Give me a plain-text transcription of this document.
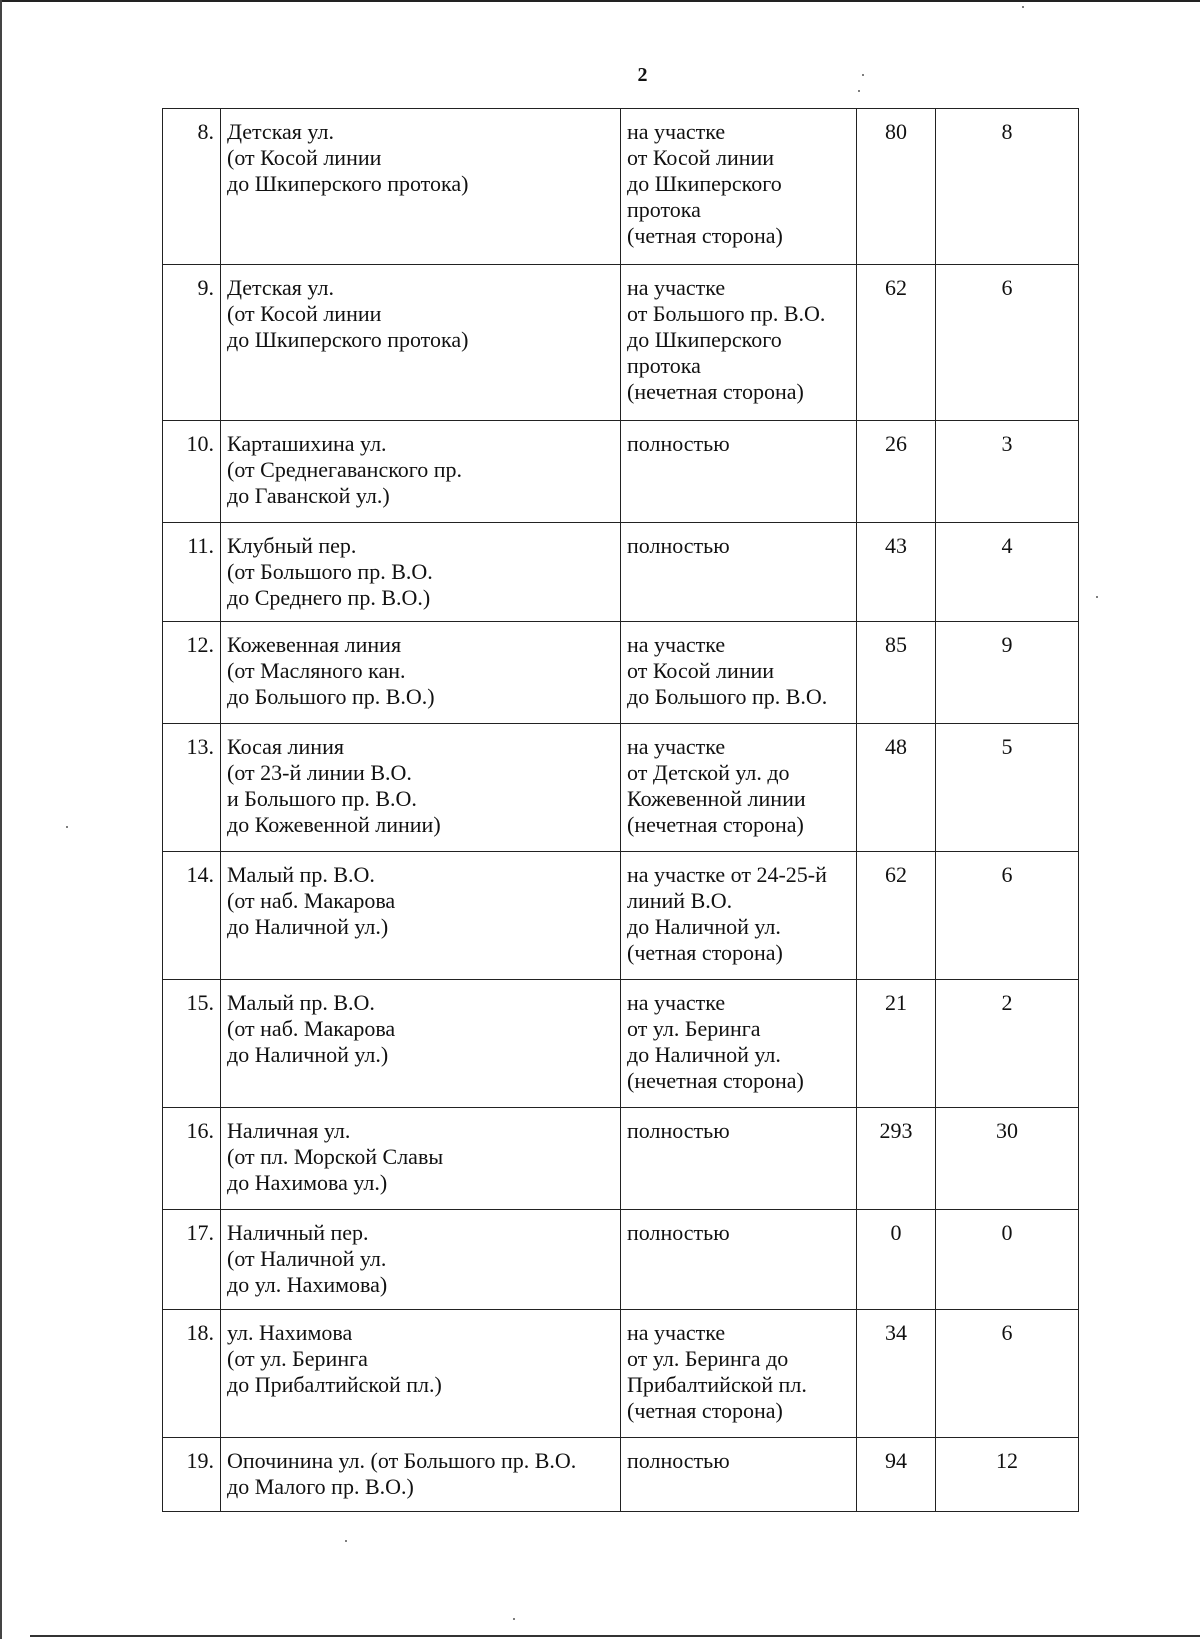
2
8.	Детская ул.
(от Косой линии
до Шкиперского протока)	на участке
от Косой линии
до Шкиперского
протока
(четная сторона)	80	8
9.	Детская ул.
(от Косой линии
до Шкиперского протока)	на участке
от Большого пр. В.О.
до Шкиперского
протока
(нечетная сторона)	62	6
10.	Карташихина ул.
(от Среднегаванского пр.
до Гаванской ул.)	полностью	26	3
11.	Клубный пер.
(от Большого пр. В.О.
до Среднего пр. В.О.)	полностью	43	4
12.	Кожевенная линия
(от Масляного кан.
до Большого пр. В.О.)	на участке
от Косой линии
до Большого пр. В.О.	85	9
13.	Косая линия
(от 23-й линии В.О.
и Большого пр. В.О.
до Кожевенной линии)	на участке
от Детской ул. до
Кожевенной линии
(нечетная сторона)	48	5
14.	Малый пр. В.О.
(от наб. Макарова
до Наличной ул.)	на участке от 24-25-й
линий В.О.
до Наличной ул.
(четная сторона)	62	6
15.	Малый пр. В.О.
(от наб. Макарова
до Наличной ул.)	на участке
от ул. Беринга
до Наличной ул.
(нечетная сторона)	21	2
16.	Наличная ул.
(от пл. Морской Славы
до Нахимова ул.)	полностью	293	30
17.	Наличный пер.
(от Наличной ул.
до ул. Нахимова)	полностью	0	0
18.	ул. Нахимова
(от ул. Беринга
до Прибалтийской пл.)	на участке
от ул. Беринга до
Прибалтийской пл.
(четная сторона)	34	6
19.	Опочинина ул. (от Большого пр. В.О.
до Малого пр. В.О.)	полностью	94	12
